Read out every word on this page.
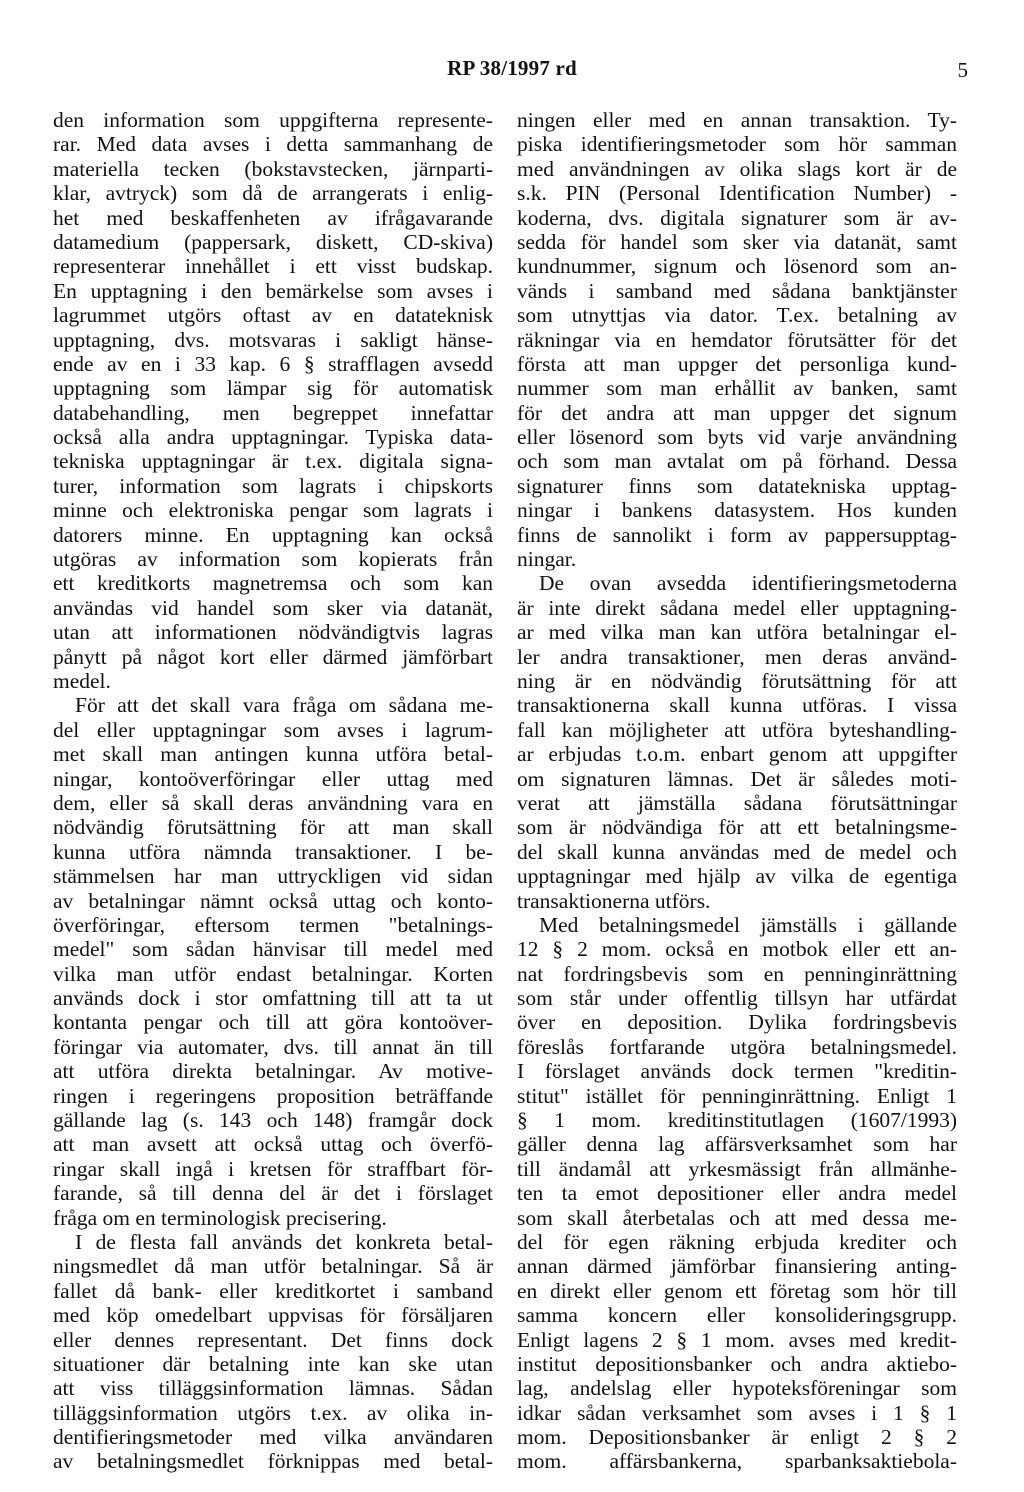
RP 38/1997 rd	5
den information som uppgifterna represente-
rar. Med data avses i detta sammanhang de
materiella tecken (bokstavstecken, järnparti-
klar, avtryck) som då de arrangerats i enlig-
het med beskaffenheten av ifrågavarande
datamedium (pappersark, diskett, CD-skiva)
representerar innehållet i ett visst budskap.
En upptagning i den bemärkelse som avses i
lagrummet utgörs oftast av en datateknisk
upptagning, dvs. motsvaras i sakligt hänse-
ende av en i 33 kap. 6 § strafflagen avsedd
upptagning som lämpar sig för automatisk
databehandling, men begreppet innefattar
också alla andra upptagningar. Typiska data-
tekniska upptagningar är t.ex. digitala signa-
turer, information som lagrats i chipskorts
minne och elektroniska pengar som lagrats i
datorers minne. En upptagning kan också
utgöras av information som kopierats från
ett kreditkorts magnetremsa och som kan
användas vid handel som sker via datanät,
utan att informationen nödvändigtvis lagras
pånytt på något kort eller därmed jämförbart
medel.
För att det skall vara fråga om sådana me-
del eller upptagningar som avses i lagrum-
met skall man antingen kunna utföra betal-
ningar, kontoöverföringar eller uttag med
dem, eller så skall deras användning vara en
nödvändig förutsättning för att man skall
kunna utföra nämnda transaktioner. I be-
stämmelsen har man uttryckligen vid sidan
av betalningar nämnt också uttag och konto-
överföringar, eftersom termen "betalnings-
medel" som sådan hänvisar till medel med
vilka man utför endast betalningar. Korten
används dock i stor omfattning till att ta ut
kontanta pengar och till att göra kontoöver-
föringar via automater, dvs. till annat än till
att utföra direkta betalningar. Av motive-
ringen i regeringens proposition beträffande
gällande lag (s. 143 och 148) framgår dock
att man avsett att också uttag och överfö-
ringar skall ingå i kretsen för straffbart för-
farande, så till denna del är det i förslaget
fråga om en terminologisk precisering.
I de flesta fall används det konkreta betal-
ningsmedlet då man utför betalningar. Så är
fallet då bank- eller kreditkortet i samband
med köp omedelbart uppvisas för försäljaren
eller dennes representant. Det finns dock
situationer där betalning inte kan ske utan
att viss tilläggsinformation lämnas. Sådan
tilläggsinformation utgörs t.ex. av olika in-
dentifieringsmetoder med vilka användaren
av betalningsmedlet förknippas med betal-
ningen eller med en annan transaktion. Ty-
piska identifieringsmetoder som hör samman
med användningen av olika slags kort är de
s.k. PIN (Personal Identification Number) -
koderna, dvs. digitala signaturer som är av-
sedda för handel som sker via datanät, samt
kundnummer, signum och lösenord som an-
vänds i samband med sådana banktjänster
som utnyttjas via dator. T.ex. betalning av
räkningar via en hemdator förutsätter för det
första att man uppger det personliga kund-
nummer som man erhållit av banken, samt
för det andra att man uppger det signum
eller lösenord som byts vid varje användning
och som man avtalat om på förhand. Dessa
signaturer finns som datatekniska upptag-
ningar i bankens datasystem. Hos kunden
finns de sannolikt i form av pappersupptag-
ningar.
De ovan avsedda identifieringsmetoderna
är inte direkt sådana medel eller upptagning-
ar med vilka man kan utföra betalningar el-
ler andra transaktioner, men deras använd-
ning är en nödvändig förutsättning för att
transaktionerna skall kunna utföras. I vissa
fall kan möjligheter att utföra byteshandling-
ar erbjudas t.o.m. enbart genom att uppgifter
om signaturen lämnas. Det är således moti-
verat att jämställa sådana förutsättningar
som är nödvändiga för att ett betalningsme-
del skall kunna användas med de medel och
upptagningar med hjälp av vilka de egentiga
transaktionerna utförs.
Med betalningsmedel jämställs i gällande
12 § 2 mom. också en motbok eller ett an-
nat fordringsbevis som en penninginrättning
som står under offentlig tillsyn har utfärdat
över en deposition. Dylika fordringsbevis
föreslås fortfarande utgöra betalningsmedel.
I förslaget används dock termen "kreditin-
stitut" istället för penninginrättning. Enligt 1
§ 1 mom. kreditinstitutlagen (1607/1993)
gäller denna lag affärsverksamhet som har
till ändamål att yrkesmässigt från allmänhe-
ten ta emot depositioner eller andra medel
som skall återbetalas och att med dessa me-
del för egen räkning erbjuda krediter och
annan därmed jämförbar finansiering anting-
en direkt eller genom ett företag som hör till
samma koncern eller konsolideringsgrupp.
Enligt lagens 2 § 1 mom. avses med kredit-
institut depositionsbanker och andra aktiebo-
lag, andelslag eller hypoteksföreningar som
idkar sådan verksamhet som avses i 1 § 1
mom. Depositionsbanker är enligt 2 § 2
mom. affärsbankerna, sparbanksaktiebola-
